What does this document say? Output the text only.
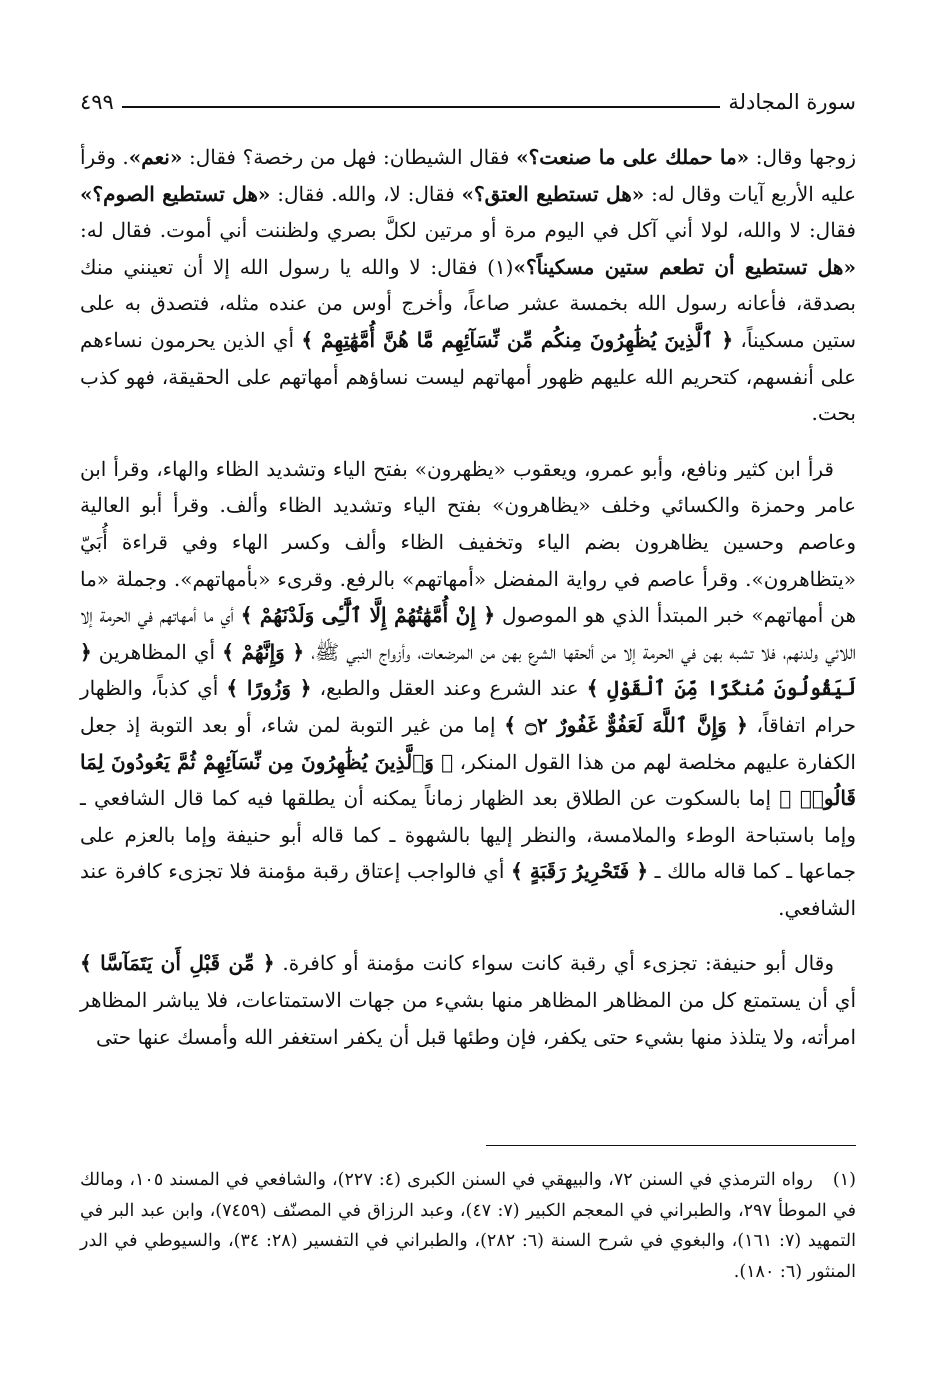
سورة المجادلة
٤٩٩

زوجها وقال: «ما حملك على ما صنعت؟» فقال الشيطان: فهل من رخصة؟ فقال: «نعم». وقرأ عليه الأربع آيات وقال له: «هل تستطيع العتق؟» فقال: لا، والله. فقال: «هل تستطيع الصوم؟» فقال: لا والله، لولا أني آكل في اليوم مرة أو مرتين لكلَّ بصري ولظننت أني أموت. فقال له: «هل تستطيع أن تطعم ستين مسكيناً؟»(١) فقال: لا والله يا رسول الله إلا أن تعينني منك بصدقة، فأعانه رسول الله بخمسة عشر صاعاً، وأخرج أوس من عنده مثله، فتصدق به على ستين مسكيناً، ﴿ ٱلَّذِينَ يُظَٰهِرُونَ مِنكُم مِّن نِّسَآئِهِم مَّا هُنَّ أُمَّهَٰتِهِمْ ﴾ أي الذين يحرمون نساءهم على أنفسهم، كتحريم الله عليهم ظهور أمهاتهم ليست نساؤهم أمهاتهم على الحقيقة، فهو كذب بحت.

قرأ ابن كثير ونافع، وأبو عمرو، ويعقوب «يظهرون» بفتح الياء وتشديد الظاء والهاء، وقرأ ابن عامر وحمزة والكسائي وخلف «يظاهرون» بفتح الياء وتشديد الظاء وألف. وقرأ أبو العالية وعاصم وحسين يظاهرون بضم الياء وتخفيف الظاء وألف وكسر الهاء وفي قراءة أُبَيّ «يتظاهرون». وقرأ عاصم في رواية المفضل «أمهاتهم» بالرفع. وقرىء «بأمهاتهم». وجملة «ما هن أمهاتهم» خبر المبتدأ الذي هو الموصول ﴿ إِنْ أُمَّهَٰتُهُمْ إِلَّا ٱلَّٰٓـِٔى وَلَدْنَهُمْ ﴾ أي ما أمهاتهم في الحرمة إلا اللائي ولدنهم، فلا تشبه بهن في الحرمة إلا من ألحقها الشرع بهن من المرضعات، وأزواج النبي ﷺ، ﴿ وَإِنَّهُمْ ﴾ أي المظاهرين ﴿ لَيَقُولُونَ مُنكَرًا مِّنَ ٱلْقَوْلِ ﴾ عند الشرع وعند العقل والطبع، ﴿ وَزُورًا ﴾ أي كذباً، والظهار حرام اتفاقاً، ﴿ وَإِنَّ ٱللَّهَ لَعَفُوٌّ غَفُورٌ ۝٢ ﴾ إما من غير التوبة لمن شاء، أو بعد التوبة إذ جعل الكفارة عليهم مخلصة لهم من هذا القول المنكر، ﴿ وَٱلَّذِينَ يُظَٰهِرُونَ مِن نِّسَآئِهِمْ ثُمَّ يَعُودُونَ لِمَا قَالُوا۟ ﴾ إما بالسكوت عن الطلاق بعد الظهار زماناً يمكنه أن يطلقها فيه كما قال الشافعي ـ وإما باستباحة الوطء والملامسة، والنظر إليها بالشهوة ـ كما قاله أبو حنيفة وإما بالعزم على جماعها ـ كما قاله مالك ـ ﴿ فَتَحْرِيرُ رَقَبَةٍ ﴾ أي فالواجب إعتاق رقبة مؤمنة فلا تجزىء كافرة عند الشافعي.

وقال أبو حنيفة: تجزىء أي رقبة كانت سواء كانت مؤمنة أو كافرة. ﴿ مِّن قَبْلِ أَن يَتَمَآسَّا ﴾ أي أن يستمتع كل من المظاهر المظاهر منها بشيء من جهات الاستمتاعات، فلا يباشر المظاهر امرأته، ولا يتلذذ منها بشيء حتى يكفر، فإن وطئها قبل أن يكفر استغفر الله وأمسك عنها حتى

(١) رواه الترمذي في السنن ٧٢، والبيهقي في السنن الكبرى (٤: ٢٢٧)، والشافعي في المسند ١٠٥، ومالك في الموطأ ٢٩٧، والطبراني في المعجم الكبير (٧: ٤٧)، وعبد الرزاق في المصنّف (٧٤٥٩)، وابن عبد البر في التمهيد (٧: ١٦١)، والبغوي في شرح السنة (٦: ٢٨٢)، والطبراني في التفسير (٢٨: ٣٤)، والسيوطي في الدر المنثور (٦: ١٨٠).
